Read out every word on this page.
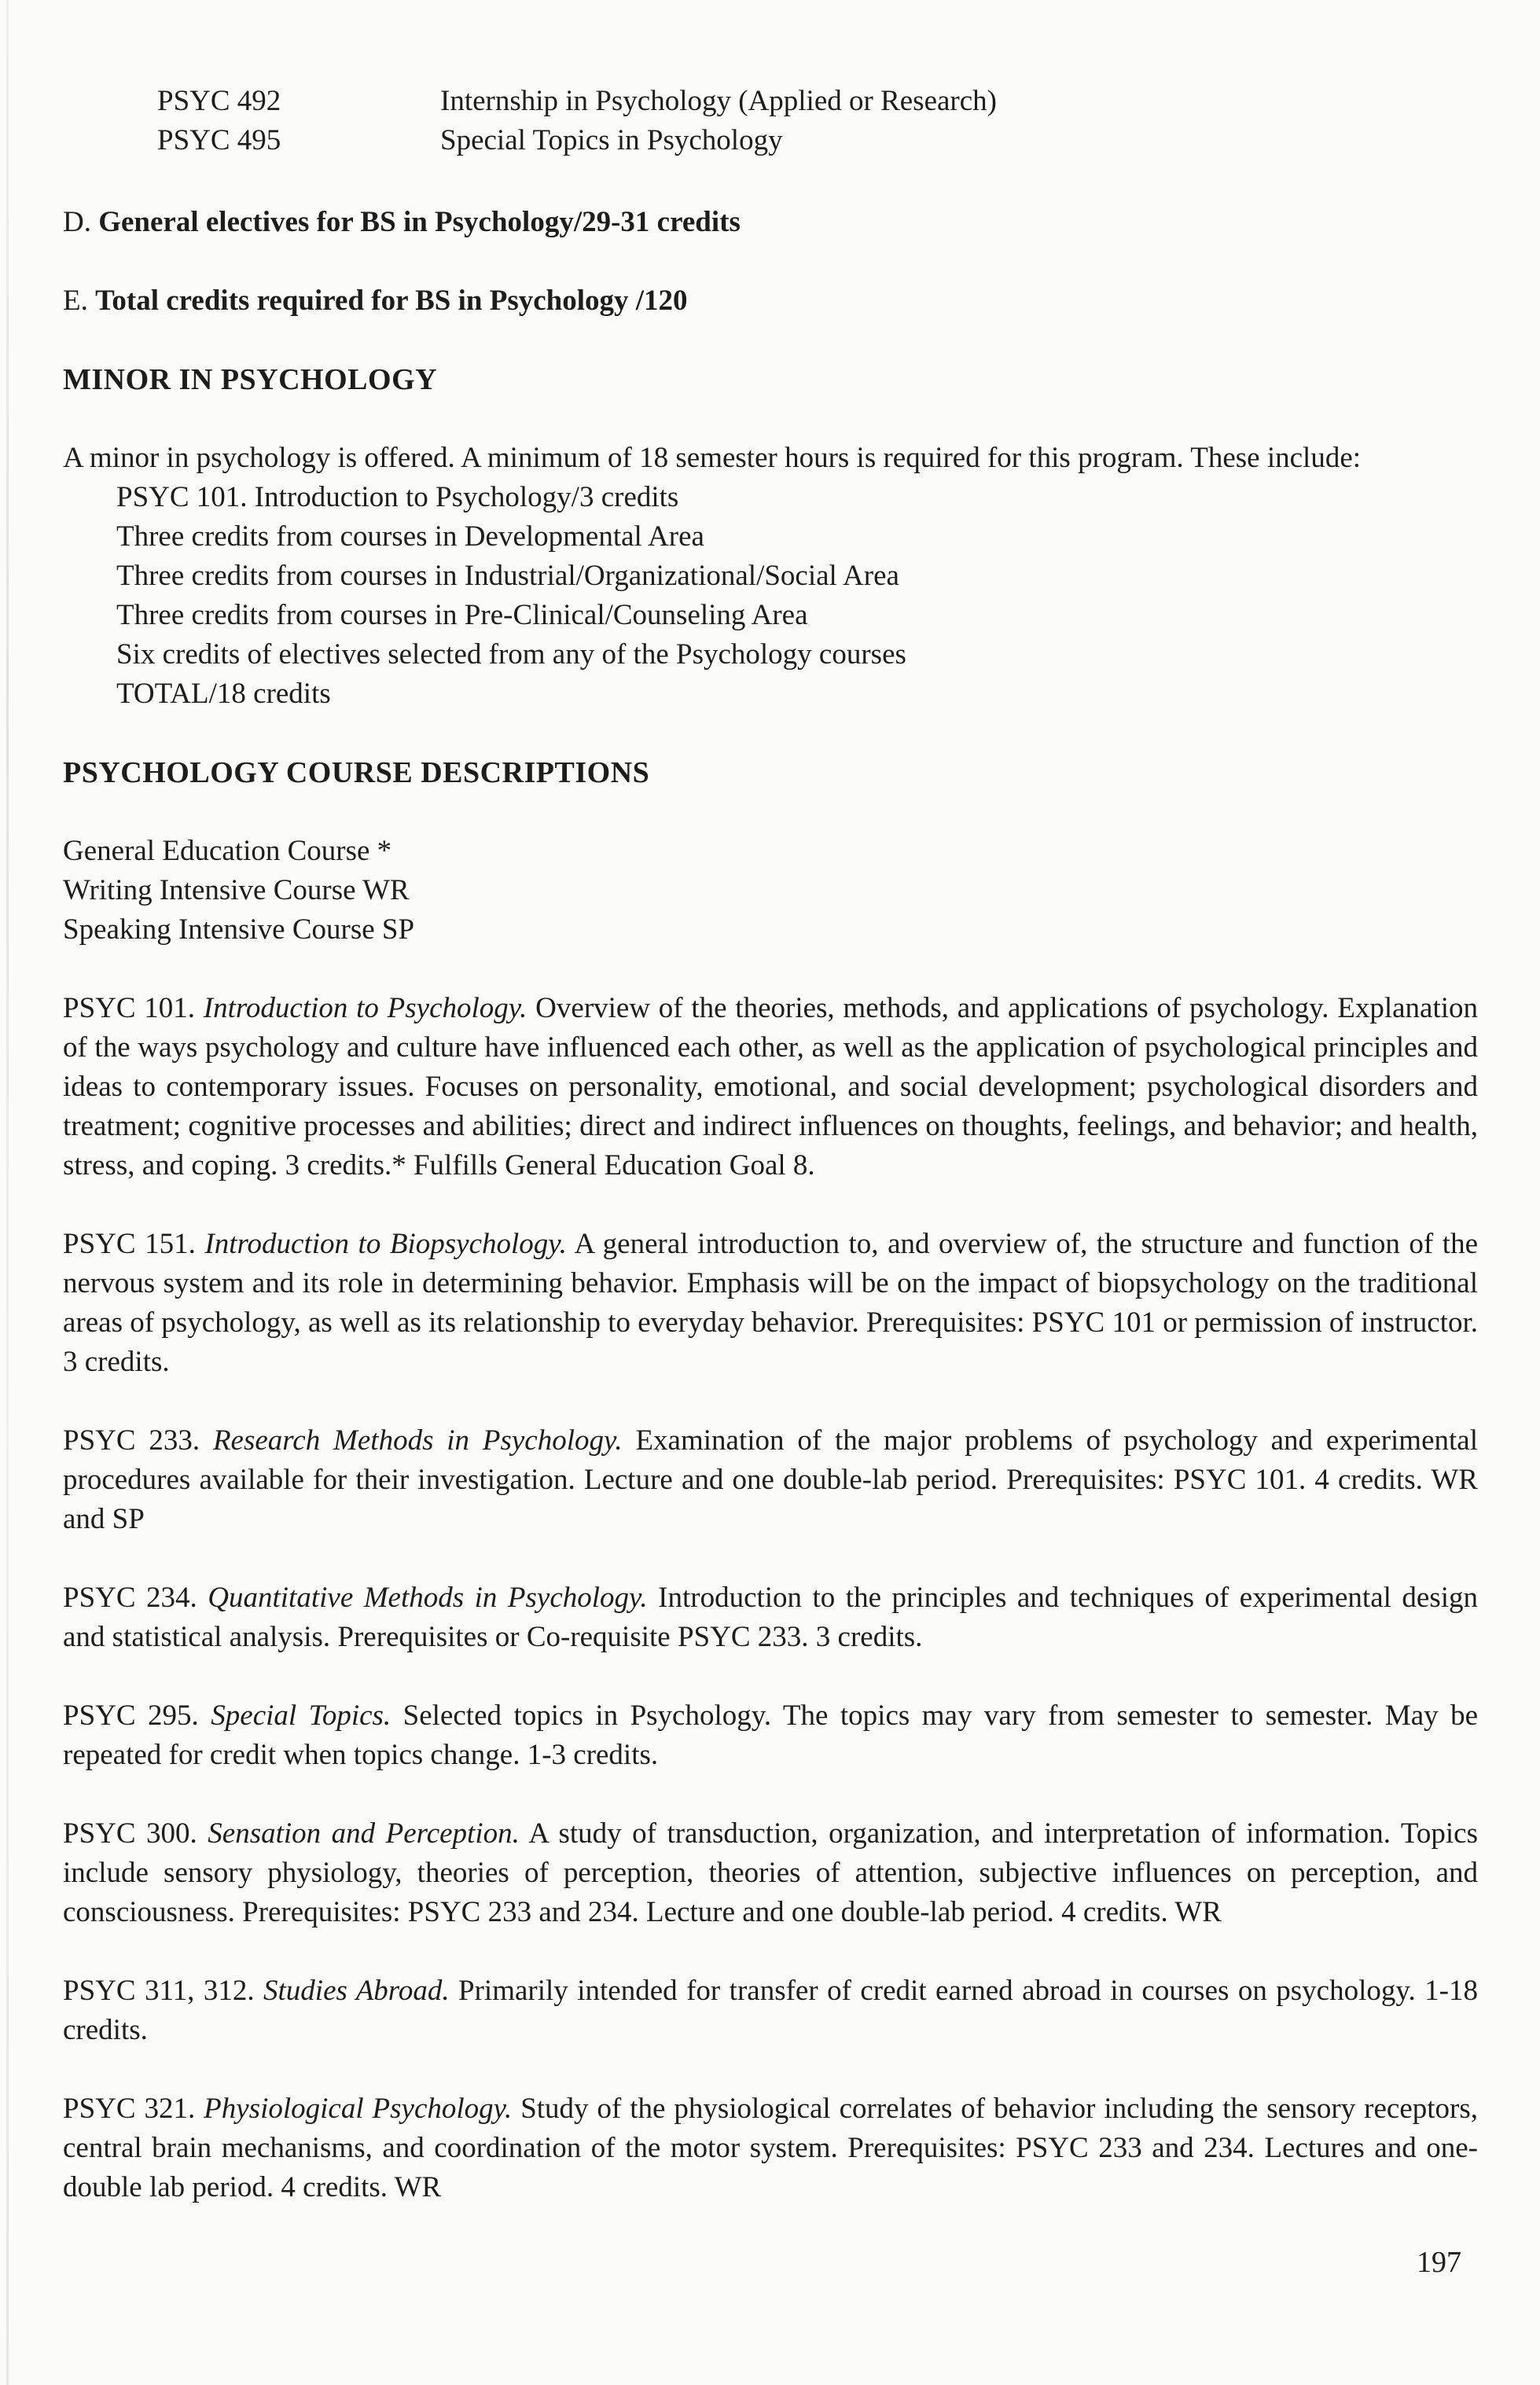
PSYC 492	Internship in Psychology (Applied or Research)
PSYC 495	Special Topics in Psychology

D. General electives for BS in Psychology/29-31 credits

E. Total credits required for BS in Psychology /120

MINOR IN PSYCHOLOGY

A minor in psychology is offered. A minimum of 18 semester hours is required for this program. These include:

PSYC 101. Introduction to Psychology/3 credits
Three credits from courses in Developmental Area
Three credits from courses in Industrial/Organizational/Social Area
Three credits from courses in Pre-Clinical/Counseling Area
Six credits of electives selected from any of the Psychology courses
TOTAL/18 credits
PSYCHOLOGY COURSE DESCRIPTIONS
General Education Course *
Writing Intensive Course WR
Speaking Intensive Course SP

PSYC 101. Introduction to Psychology. Overview of the theories, methods, and applications of psychology. Explanation of the ways psychology and culture have influenced each other, as well as the application of psychological principles and ideas to contemporary issues. Focuses on personality, emotional, and social development; psychological disorders and treatment; cognitive processes and abilities; direct and indirect influences on thoughts, feelings, and behavior; and health, stress, and coping. 3 credits.* Fulfills General Education Goal 8.

PSYC 151. Introduction to Biopsychology. A general introduction to, and overview of, the structure and function of the nervous system and its role in determining behavior. Emphasis will be on the impact of biopsychology on the traditional areas of psychology, as well as its relationship to everyday behavior. Prerequisites: PSYC 101 or permission of instructor. 3 credits.

PSYC 233. Research Methods in Psychology. Examination of the major problems of psychology and experimental procedures available for their investigation. Lecture and one double-lab period. Prerequisites: PSYC 101. 4 credits. WR and SP

PSYC 234. Quantitative Methods in Psychology. Introduction to the principles and techniques of experimental design and statistical analysis. Prerequisites or Co-requisite PSYC 233. 3 credits.

PSYC 295. Special Topics. Selected topics in Psychology. The topics may vary from semester to semester. May be repeated for credit when topics change. 1-3 credits.

PSYC 300. Sensation and Perception. A study of transduction, organization, and interpretation of information. Topics include sensory physiology, theories of perception, theories of attention, subjective influences on perception, and consciousness. Prerequisites: PSYC 233 and 234. Lecture and one double-lab period. 4 credits. WR

PSYC 311, 312. Studies Abroad. Primarily intended for transfer of credit earned abroad in courses on psychology. 1-18 credits.

PSYC 321. Physiological Psychology. Study of the physiological correlates of behavior including the sensory receptors, central brain mechanisms, and coordination of the motor system. Prerequisites: PSYC 233 and 234. Lectures and one-double lab period. 4 credits. WR

197
